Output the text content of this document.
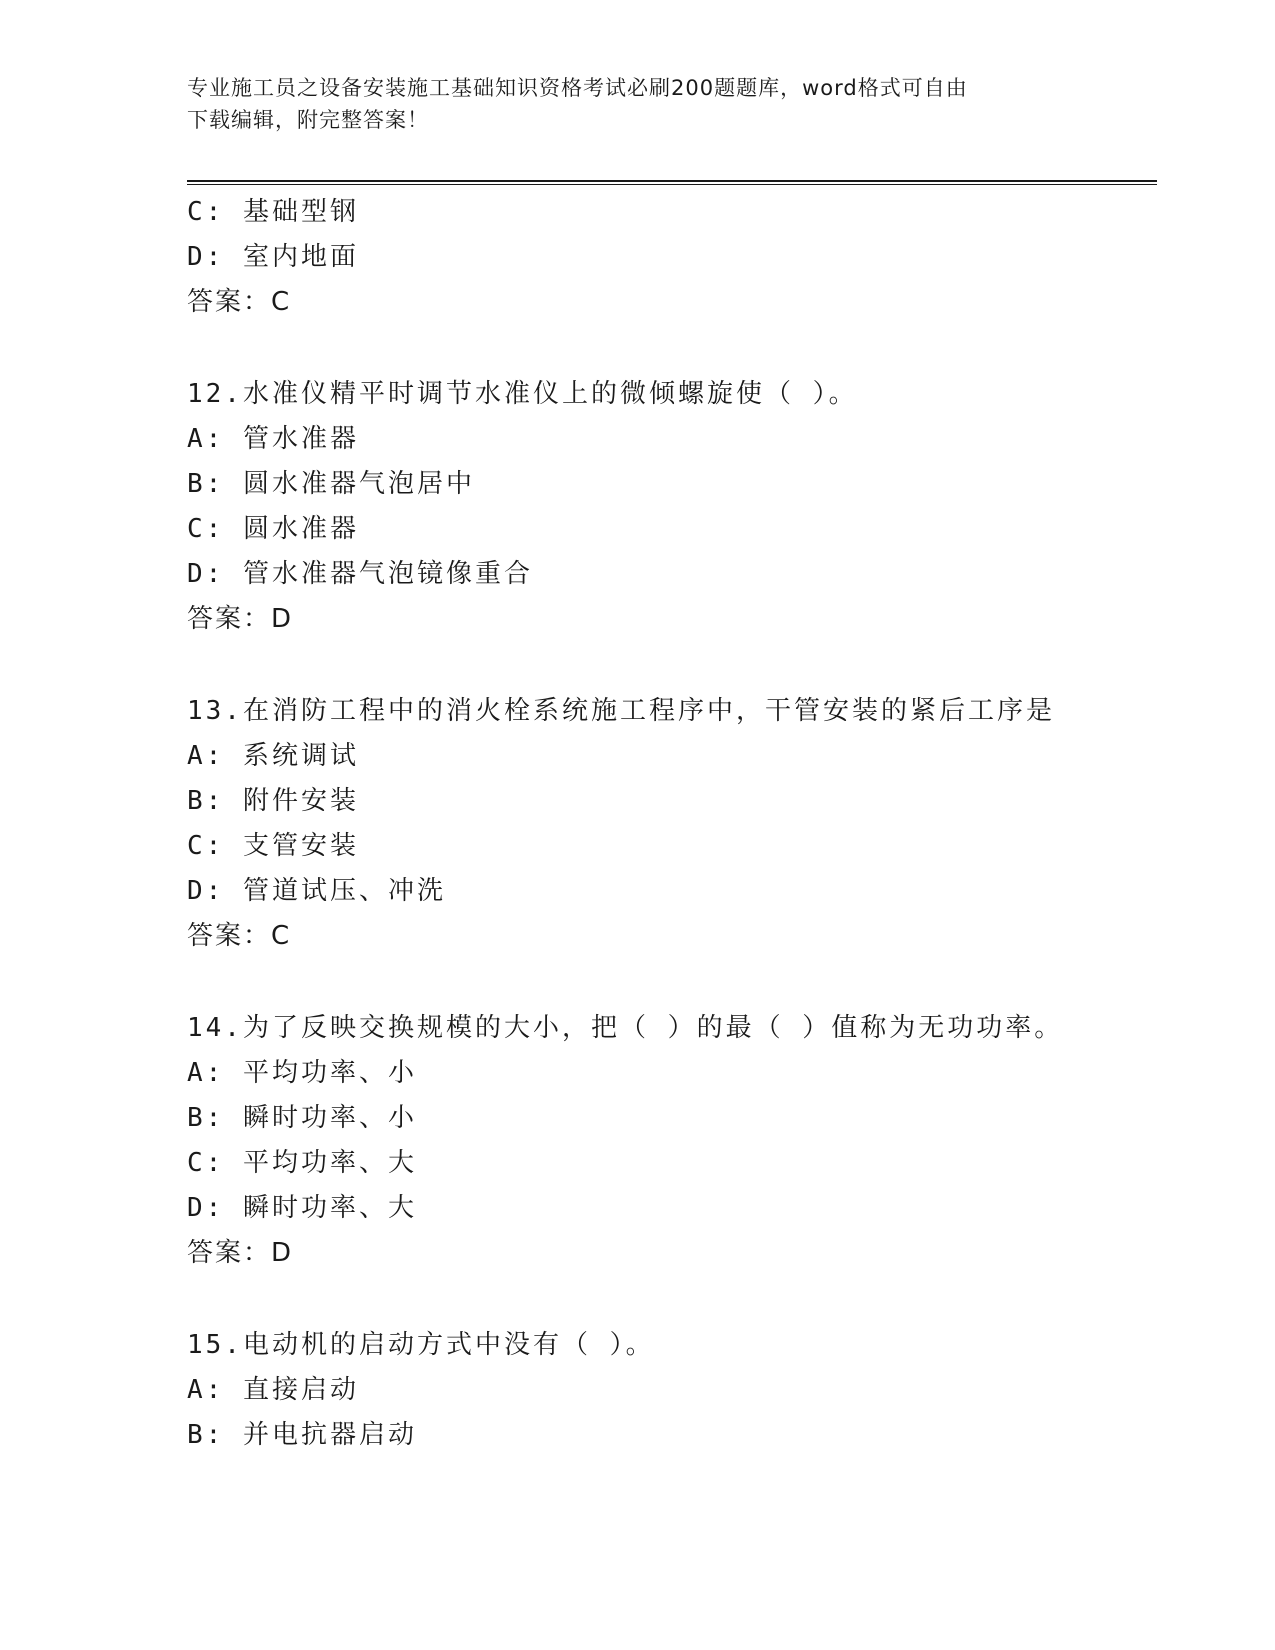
专业施工员之设备安装施工基础知识资格考试必刷200题题库，word格式可自由
下载编辑，附完整答案！
C: 基础型钢
D: 室内地面
答案：C
12.水准仪精平时调节水准仪上的微倾螺旋使（ ）。
A: 管水准器
B: 圆水准器气泡居中
C: 圆水准器
D: 管水准器气泡镜像重合
答案：D
13.在消防工程中的消火栓系统施工程序中，干管安装的紧后工序是
A: 系统调试
B: 附件安装
C: 支管安装
D: 管道试压、冲洗
答案：C
14.为了反映交换规模的大小，把（ ）的最（ ）值称为无功功率。
A: 平均功率、小
B: 瞬时功率、小
C: 平均功率、大
D: 瞬时功率、大
答案：D
15.电动机的启动方式中没有（ ）。
A: 直接启动
B: 并电抗器启动
